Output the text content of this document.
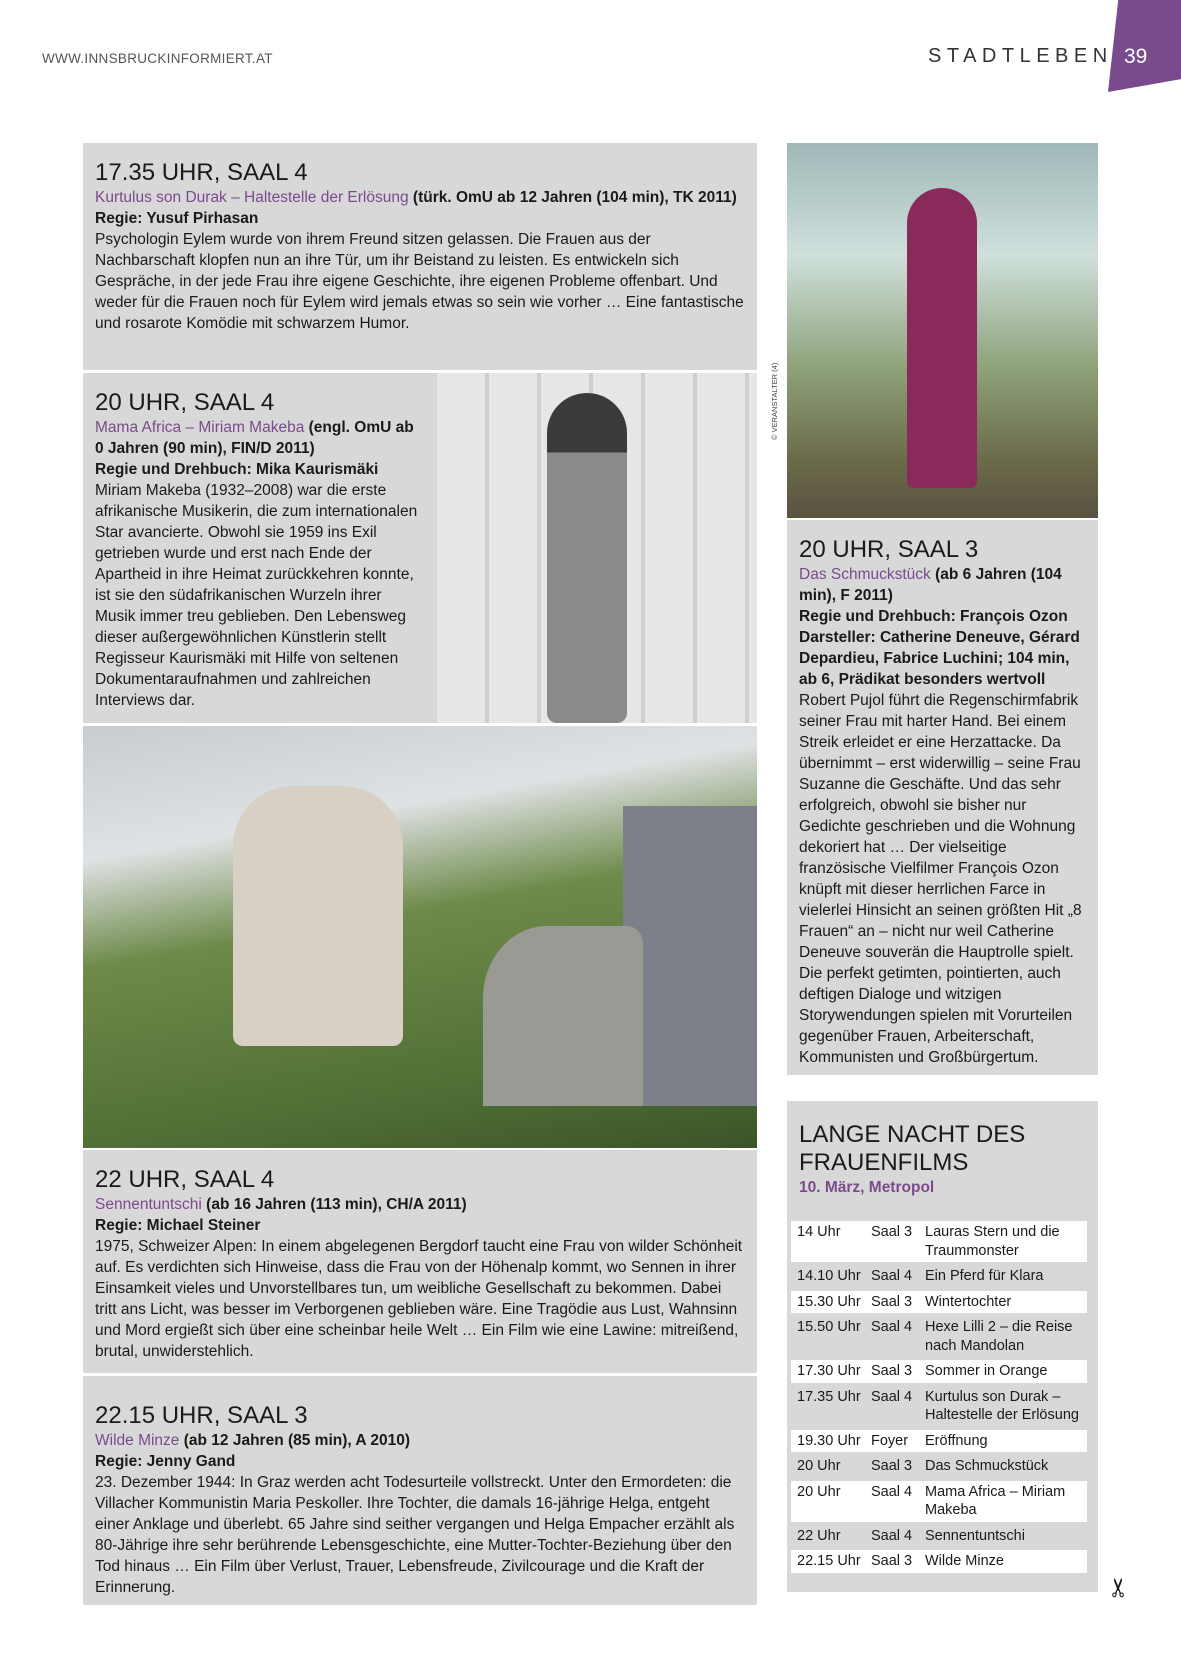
WWW.INNSBRUCKINFORMIERT.AT	STADTLEBEN 39
17.35 UHR, SAAL 4
Kurtulus son Durak – Haltestelle der Erlösung (türk. OmU ab 12 Jahren (104 min), TK 2011)
Regie: Yusuf Pirhasan

Psychologin Eylem wurde von ihrem Freund sitzen gelassen. Die Frauen aus der Nachbarschaft klopfen nun an ihre Tür, um ihr Beistand zu leisten. Es entwickeln sich Gespräche, in der jede Frau ihre eigene Geschichte, ihre eigenen Probleme offenbart. Und weder für die Frauen noch für Eylem wird jemals etwas so sein wie vorher … Eine fantastische und rosarote Komödie mit schwarzem Humor.

20 UHR, SAAL 4
Mama Africa – Miriam Makeba (engl. OmU ab 0 Jahren (90 min), FIN/D 2011)
Regie und Drehbuch: Mika Kaurismäki

Miriam Makeba (1932–2008) war die erste afrikanische Musikerin, die zum internationalen Star avancierte. Obwohl sie 1959 ins Exil getrieben wurde und erst nach Ende der Apartheid in ihre Heimat zurückkehren konnte, ist sie den südafrikanischen Wurzeln ihrer Musik immer treu geblieben. Den Lebensweg dieser außergewöhnlichen Künstlerin stellt Regisseur Kaurismäki mit Hilfe von seltenen Dokumentaraufnahmen und zahlreichen Interviews dar.

22 UHR, SAAL 4
Sennentuntschi (ab 16 Jahren (113 min), CH/A 2011)
Regie: Michael Steiner

1975, Schweizer Alpen: In einem abgelegenen Bergdorf taucht eine Frau von wilder Schönheit auf. Es verdichten sich Hinweise, dass die Frau von der Höhenalp kommt, wo Sennen in ihrer Einsamkeit vieles und Unvorstellbares tun, um weibliche Gesellschaft zu bekommen. Dabei tritt ans Licht, was besser im Verborgenen geblieben wäre. Eine Tragödie aus Lust, Wahnsinn und Mord ergießt sich über eine scheinbar heile Welt … Ein Film wie eine Lawine: mitreißend, brutal, unwiderstehlich.

22.15 UHR, SAAL 3
Wilde Minze (ab 12 Jahren (85 min), A 2010)
Regie: Jenny Gand

23. Dezember 1944: In Graz werden acht Todesurteile vollstreckt. Unter den Ermordeten: die Villacher Kommunistin Maria Peskoller. Ihre Tochter, die damals 16-jährige Helga, entgeht einer Anklage und überlebt. 65 Jahre sind seither vergangen und Helga Empacher erzählt als 80-Jährige ihre sehr berührende Lebensgeschichte, eine Mutter-Tochter-Beziehung über den Tod hinaus … Ein Film über Verlust, Trauer, Lebensfreude, Zivilcourage und die Kraft der Erinnerung.

© VERANSTALTER (4)
20 UHR, SAAL 3
Das Schmuckstück (ab 6 Jahren (104 min), F 2011)
Regie und Drehbuch: François Ozon
Darsteller: Catherine Deneuve, Gérard Depardieu, Fabrice Luchini; 104 min, ab 6, Prädikat besonders wertvoll

Robert Pujol führt die Regenschirmfabrik seiner Frau mit harter Hand. Bei einem Streik erleidet er eine Herzattacke. Da übernimmt – erst widerwillig – seine Frau Suzanne die Geschäfte. Und das sehr erfolgreich, obwohl sie bisher nur Gedichte geschrieben und die Wohnung dekoriert hat … Der vielseitige französische Vielfilmer François Ozon knüpft mit dieser herrlichen Farce in vielerlei Hinsicht an seinen größten Hit „8 Frauen“ an – nicht nur weil Catherine Deneuve souverän die Hauptrolle spielt. Die perfekt getimten, pointierten, auch deftigen Dialoge und witzigen Storywendungen spielen mit Vorurteilen gegenüber Frauen, Arbeiterschaft, Kommunisten und Großbürgertum.

LANGE NACHT DES
FRAUENFILMS
10. März, Metropol
14 Uhr	Saal 3	Lauras Stern und die Traummonster
14.10 Uhr	Saal 4	Ein Pferd für Klara
15.30 Uhr	Saal 3	Wintertochter
15.50 Uhr	Saal 4	Hexe Lilli 2 – die Reise nach Mandolan
17.30 Uhr	Saal 3	Sommer in Orange
17.35 Uhr	Saal 4	Kurtulus son Durak – Haltestelle der Erlösung
19.30 Uhr	Foyer	Eröffnung
20 Uhr	Saal 3	Das Schmuckstück
20 Uhr	Saal 4	Mama Africa – Miriam Makeba
22 Uhr	Saal 4	Sennentuntschi
22.15 Uhr	Saal 3	Wilde Minze
✂
